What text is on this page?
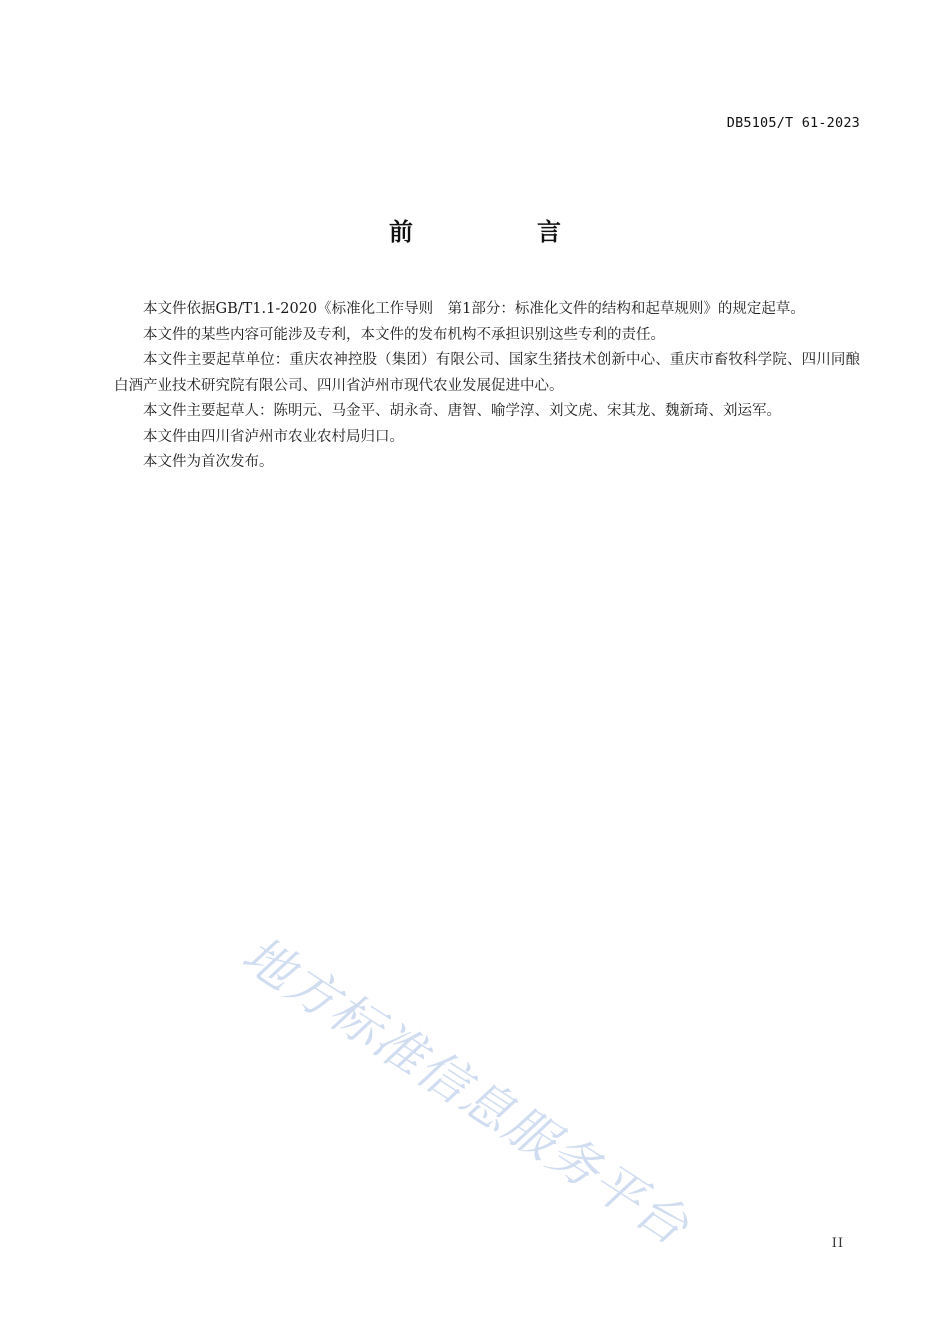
DB5105/T 61-2023
前　言

本文件依据GB/T1.1-2020《标准化工作导则　第1部分：标准化文件的结构和起草规则》的规定起草。

本文件的某些内容可能涉及专利，本文件的发布机构不承担识别这些专利的责任。

本文件主要起草单位：重庆农神控股（集团）有限公司、国家生猪技术创新中心、重庆市畜牧科学院、四川同酿白酒产业技术研究院有限公司、四川省泸州市现代农业发展促进中心。

本文件主要起草人：陈明元、马金平、胡永奇、唐智、喻学淳、刘文虎、宋其龙、魏新琦、刘运军。

本文件由四川省泸州市农业农村局归口。

本文件为首次发布。

地方标准信息服务平台	II
